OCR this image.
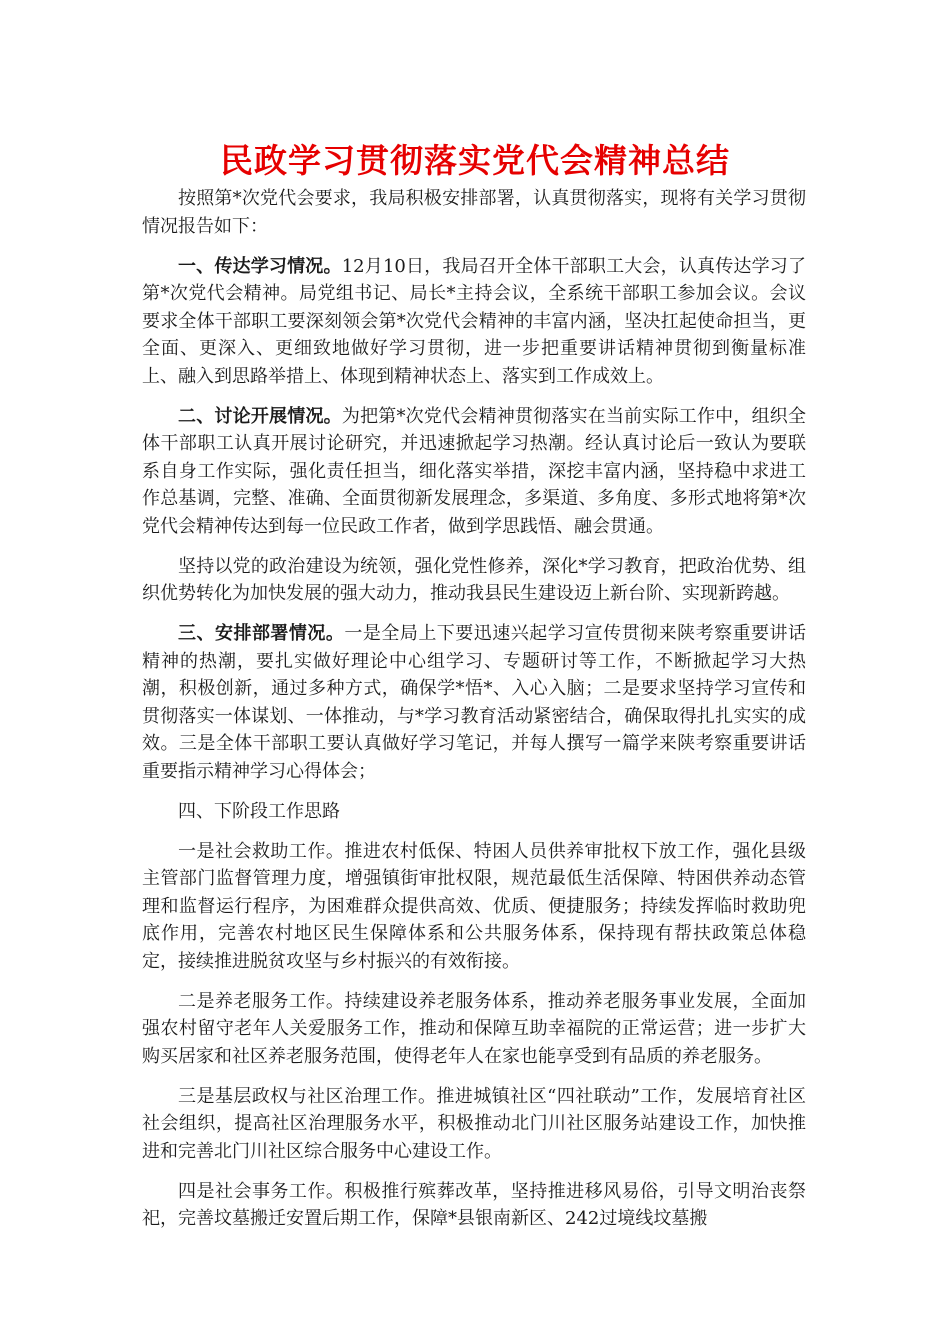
民政学习贯彻落实党代会精神总结

按照第*次党代会要求，我局积极安排部署，认真贯彻落实，现将有关学习贯彻情况报告如下：

一、传达学习情况。12月10日，我局召开全体干部职工大会，认真传达学习了第*次党代会精神。局党组书记、局长*主持会议，全系统干部职工参加会议。会议要求全体干部职工要深刻领会第*次党代会精神的丰富内涵，坚决扛起使命担当，更全面、更深入、更细致地做好学习贯彻，进一步把重要讲话精神贯彻到衡量标准上、融入到思路举措上、体现到精神状态上、落实到工作成效上。

二、讨论开展情况。为把第*次党代会精神贯彻落实在当前实际工作中，组织全体干部职工认真开展讨论研究，并迅速掀起学习热潮。经认真讨论后一致认为要联系自身工作实际，强化责任担当，细化落实举措，深挖丰富内涵，坚持稳中求进工作总基调，完整、准确、全面贯彻新发展理念，多渠道、多角度、多形式地将第*次党代会精神传达到每一位民政工作者，做到学思践悟、融会贯通。

坚持以党的政治建设为统领，强化党性修养，深化*学习教育，把政治优势、组织优势转化为加快发展的强大动力，推动我县民生建设迈上新台阶、实现新跨越。

三、安排部署情况。一是全局上下要迅速兴起学习宣传贯彻来陕考察重要讲话精神的热潮，要扎实做好理论中心组学习、专题研讨等工作，不断掀起学习大热潮，积极创新，通过多种方式，确保学*悟*、入心入脑；二是要求坚持学习宣传和贯彻落实一体谋划、一体推动，与*学习教育活动紧密结合，确保取得扎扎实实的成效。三是全体干部职工要认真做好学习笔记，并每人撰写一篇学来陕考察重要讲话重要指示精神学习心得体会；

四、下阶段工作思路

一是社会救助工作。推进农村低保、特困人员供养审批权下放工作，强化县级主管部门监督管理力度，增强镇街审批权限，规范最低生活保障、特困供养动态管理和监督运行程序，为困难群众提供高效、优质、便捷服务；持续发挥临时救助兜底作用，完善农村地区民生保障体系和公共服务体系，保持现有帮扶政策总体稳定，接续推进脱贫攻坚与乡村振兴的有效衔接。

二是养老服务工作。持续建设养老服务体系，推动养老服务事业发展，全面加强农村留守老年人关爱服务工作，推动和保障互助幸福院的正常运营；进一步扩大购买居家和社区养老服务范围，使得老年人在家也能享受到有品质的养老服务。

三是基层政权与社区治理工作。推进城镇社区“四社联动”工作，发展培育社区社会组织，提高社区治理服务水平，积极推动北门川社区服务站建设工作，加快推进和完善北门川社区综合服务中心建设工作。

四是社会事务工作。积极推行殡葬改革，坚持推进移风易俗，引导文明治丧祭祀，完善坟墓搬迁安置后期工作，保障*县银南新区、242过境线坟墓搬
